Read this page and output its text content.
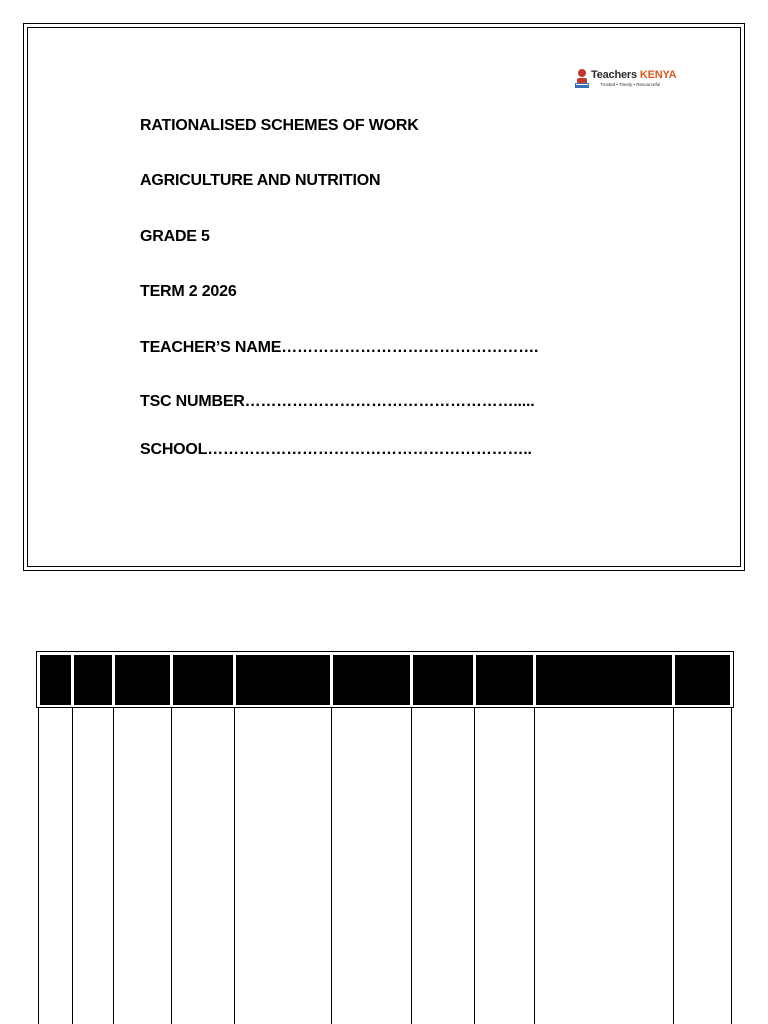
Teachers KENYA
Trusted • Timely • Resourceful
RATIONALISED SCHEMES OF WORK
AGRICULTURE AND NUTRITION
GRADE 5
TERM 2 2026
TEACHER’S NAME………………………………………….
TSC NUMBER…………………………………………….....
SCHOOL……………………………………………………..
